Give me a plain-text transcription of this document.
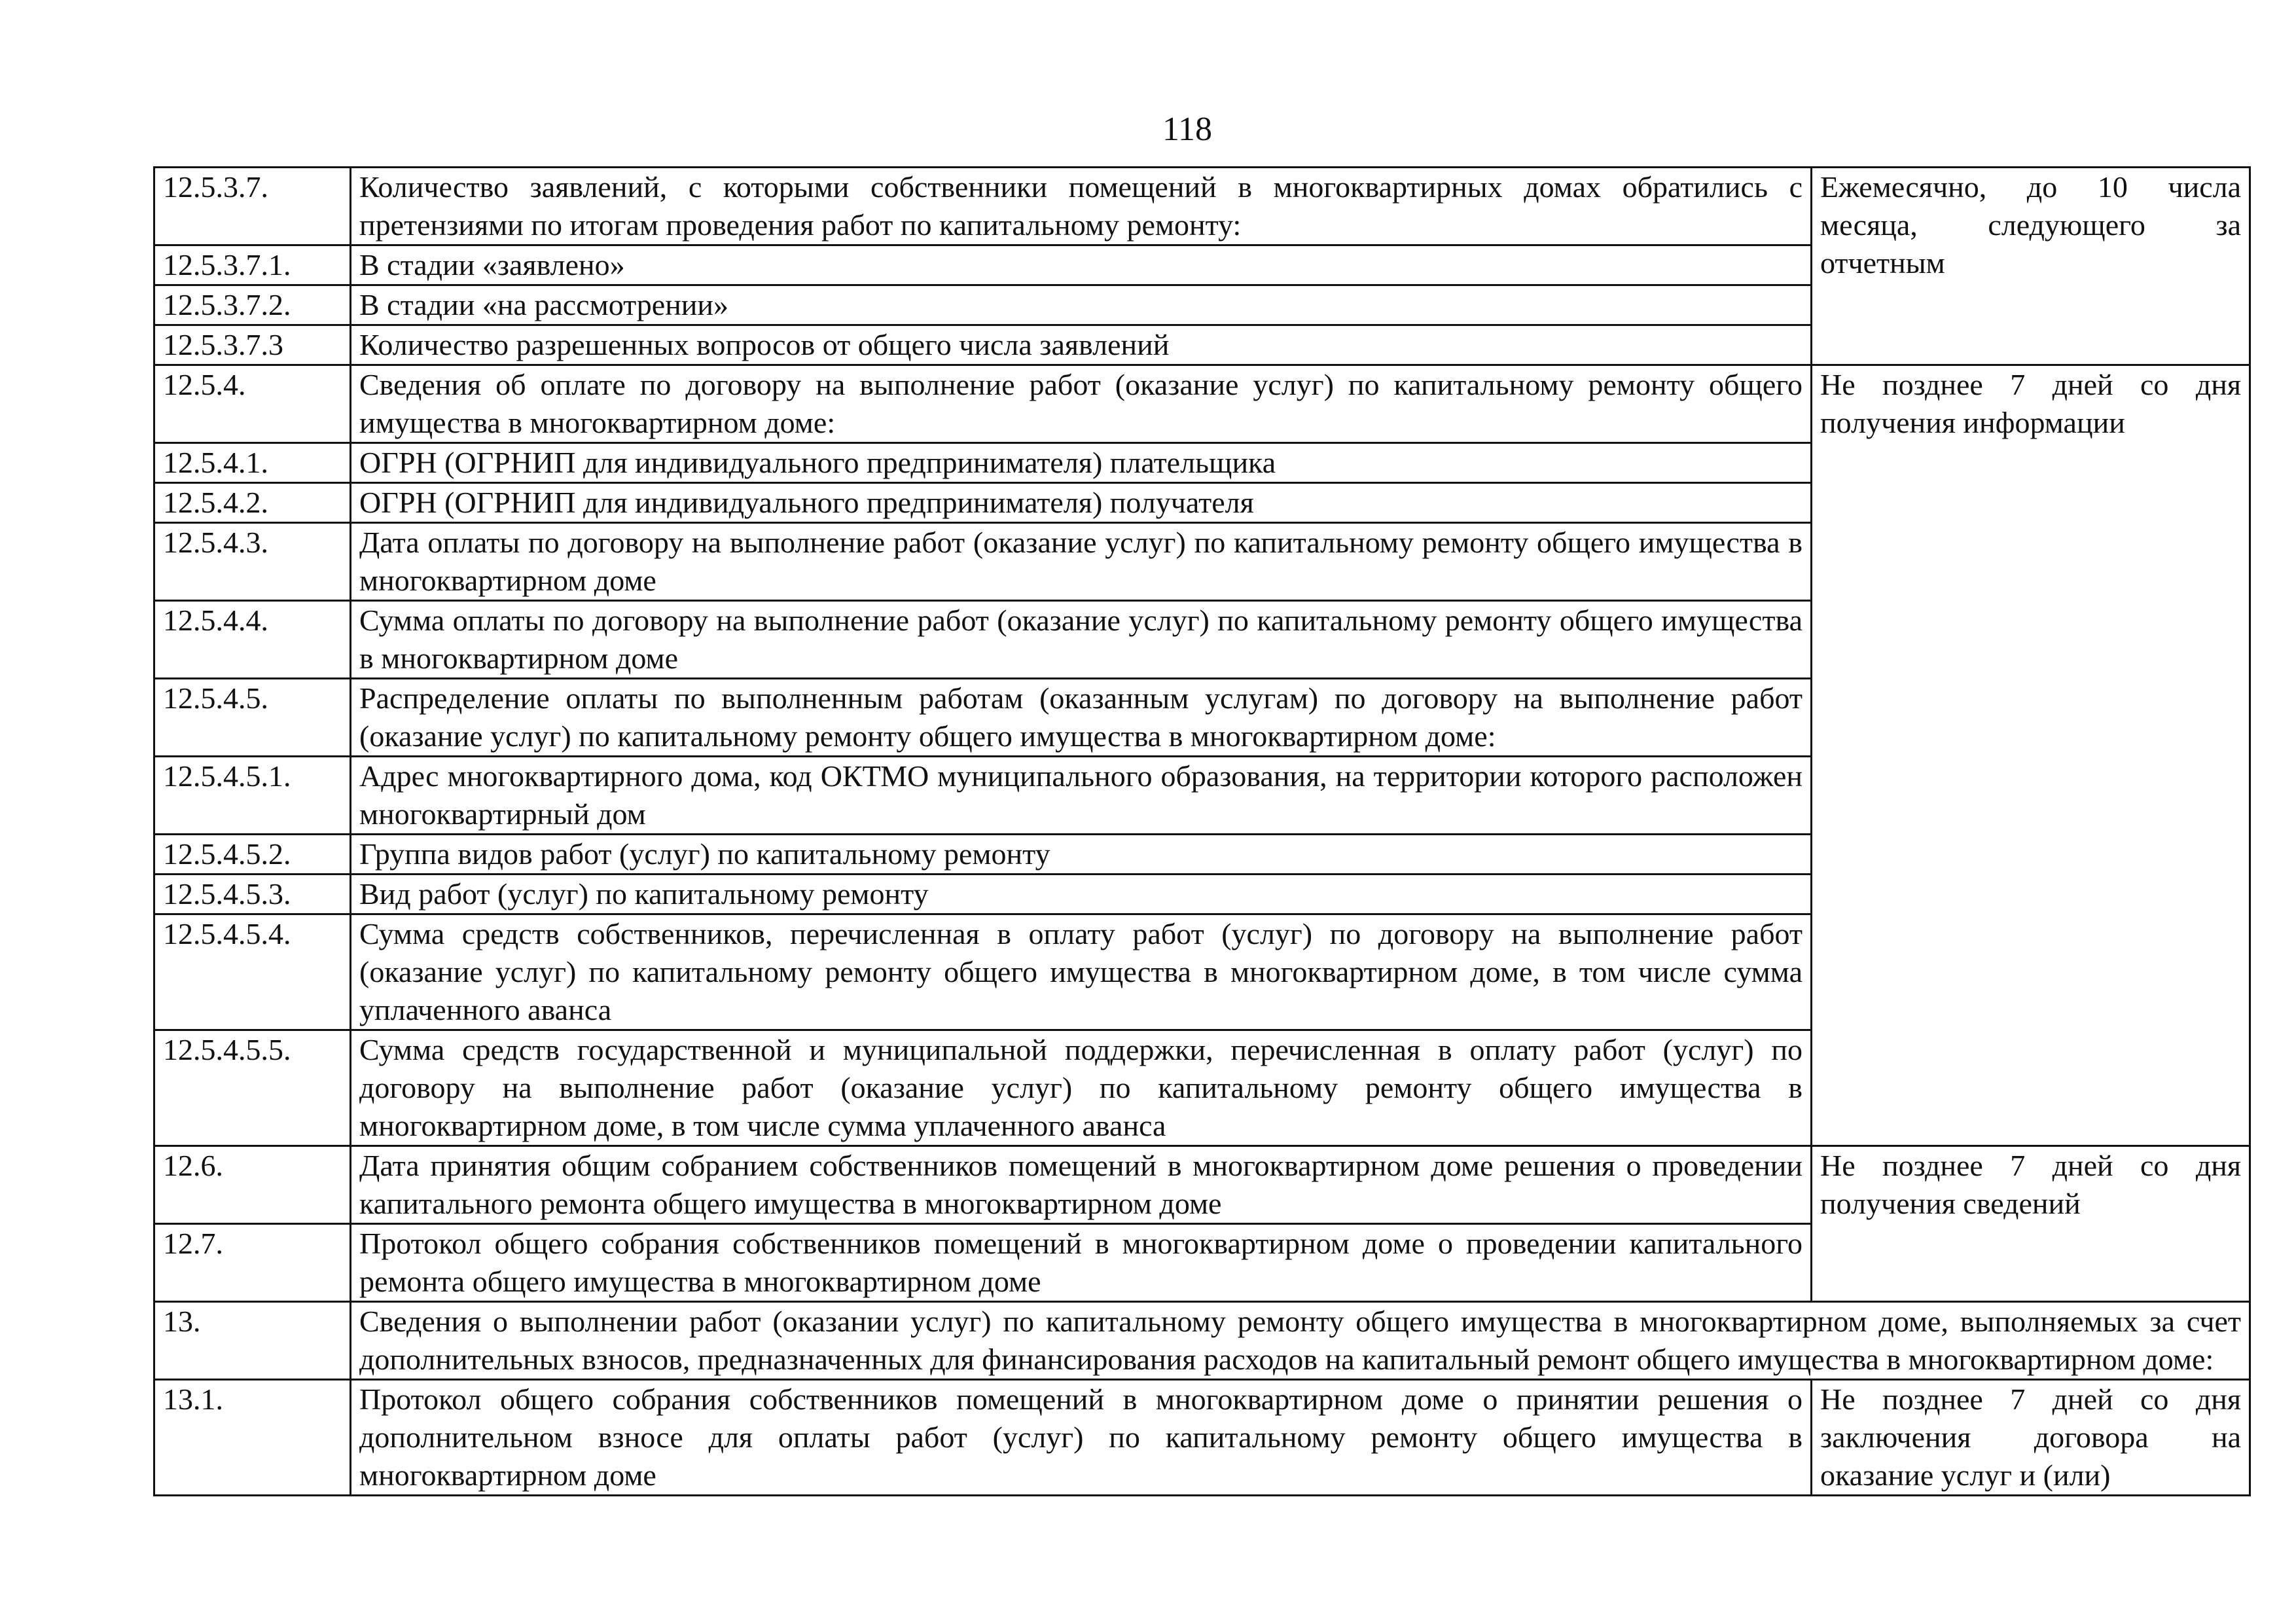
118
12.5.3.7.	Количество заявлений, с которыми собственники помещений в многоквартирных домах обратились с претензиями по итогам проведения работ по капитальному ремонту:	Ежемесячно, до 10 числа месяца, следующего за отчетным

12.5.3.7.1.	В стадии «заявлено»	
12.5.3.7.2.	В стадии «на рассмотрении»	
12.5.3.7.3	Количество разрешенных вопросов от общего числа заявлений	
12.5.4.	Сведения об оплате по договору на выполнение работ (оказание услуг) по капитальному ремонту общего имущества в многоквартирном доме:	Не позднее 7 дней со дня получения информации

12.5.4.1.	ОГРН (ОГРНИП для индивидуального предпринимателя) плательщика	
12.5.4.2.	ОГРН (ОГРНИП для индивидуального предпринимателя) получателя	
12.5.4.3.	Дата оплаты по договору на выполнение работ (оказание услуг) по капитальному ремонту общего имущества в многоквартирном доме	
12.5.4.4.	Сумма оплаты по договору на выполнение работ (оказание услуг) по капитальному ремонту общего имущества в многоквартирном доме	
12.5.4.5.	Распределение оплаты по выполненным работам (оказанным услугам) по договору на выполнение работ (оказание услуг) по капитальному ремонту общего имущества в многоквартирном доме:	
12.5.4.5.1.	Адрес многоквартирного дома, код ОКТМО муниципального образования, на территории которого расположен многоквартирный дом	
12.5.4.5.2.	Группа видов работ (услуг) по капитальному ремонту	
12.5.4.5.3.	Вид работ (услуг) по капитальному ремонту	
12.5.4.5.4.	Сумма средств собственников, перечисленная в оплату работ (услуг) по договору на выполнение работ (оказание услуг) по капитальному ремонту общего имущества в многоквартирном доме, в том числе сумма уплаченного аванса	
12.5.4.5.5.	Сумма средств государственной и муниципальной поддержки, перечисленная в оплату работ (услуг) по договору на выполнение работ (оказание услуг) по капитальному ремонту общего имущества в многоквартирном доме, в том числе сумма уплаченного аванса	
12.6.	Дата принятия общим собранием собственников помещений в многоквартирном доме решения о проведении капитального ремонта общего имущества в многоквартирном доме	Не позднее 7 дней со дня получения сведений

12.7.	Протокол общего собрания собственников помещений в многоквартирном доме о проведении капитального ремонта общего имущества в многоквартирном доме	
13.	Сведения о выполнении работ (оказании услуг) по капитальному ремонту общего имущества в многоквартирном доме, выполняемых за счет дополнительных взносов, предназначенных для финансирования расходов на капитальный ремонт общего имущества в многоквартирном доме:	
13.1.	Протокол общего собрания собственников помещений в многоквартирном доме о принятии решения о дополнительном взносе для оплаты работ (услуг) по капитальному ремонту общего имущества в многоквартирном доме	Не позднее 7 дней со дня заключения договора на оказание услуг и (или)
